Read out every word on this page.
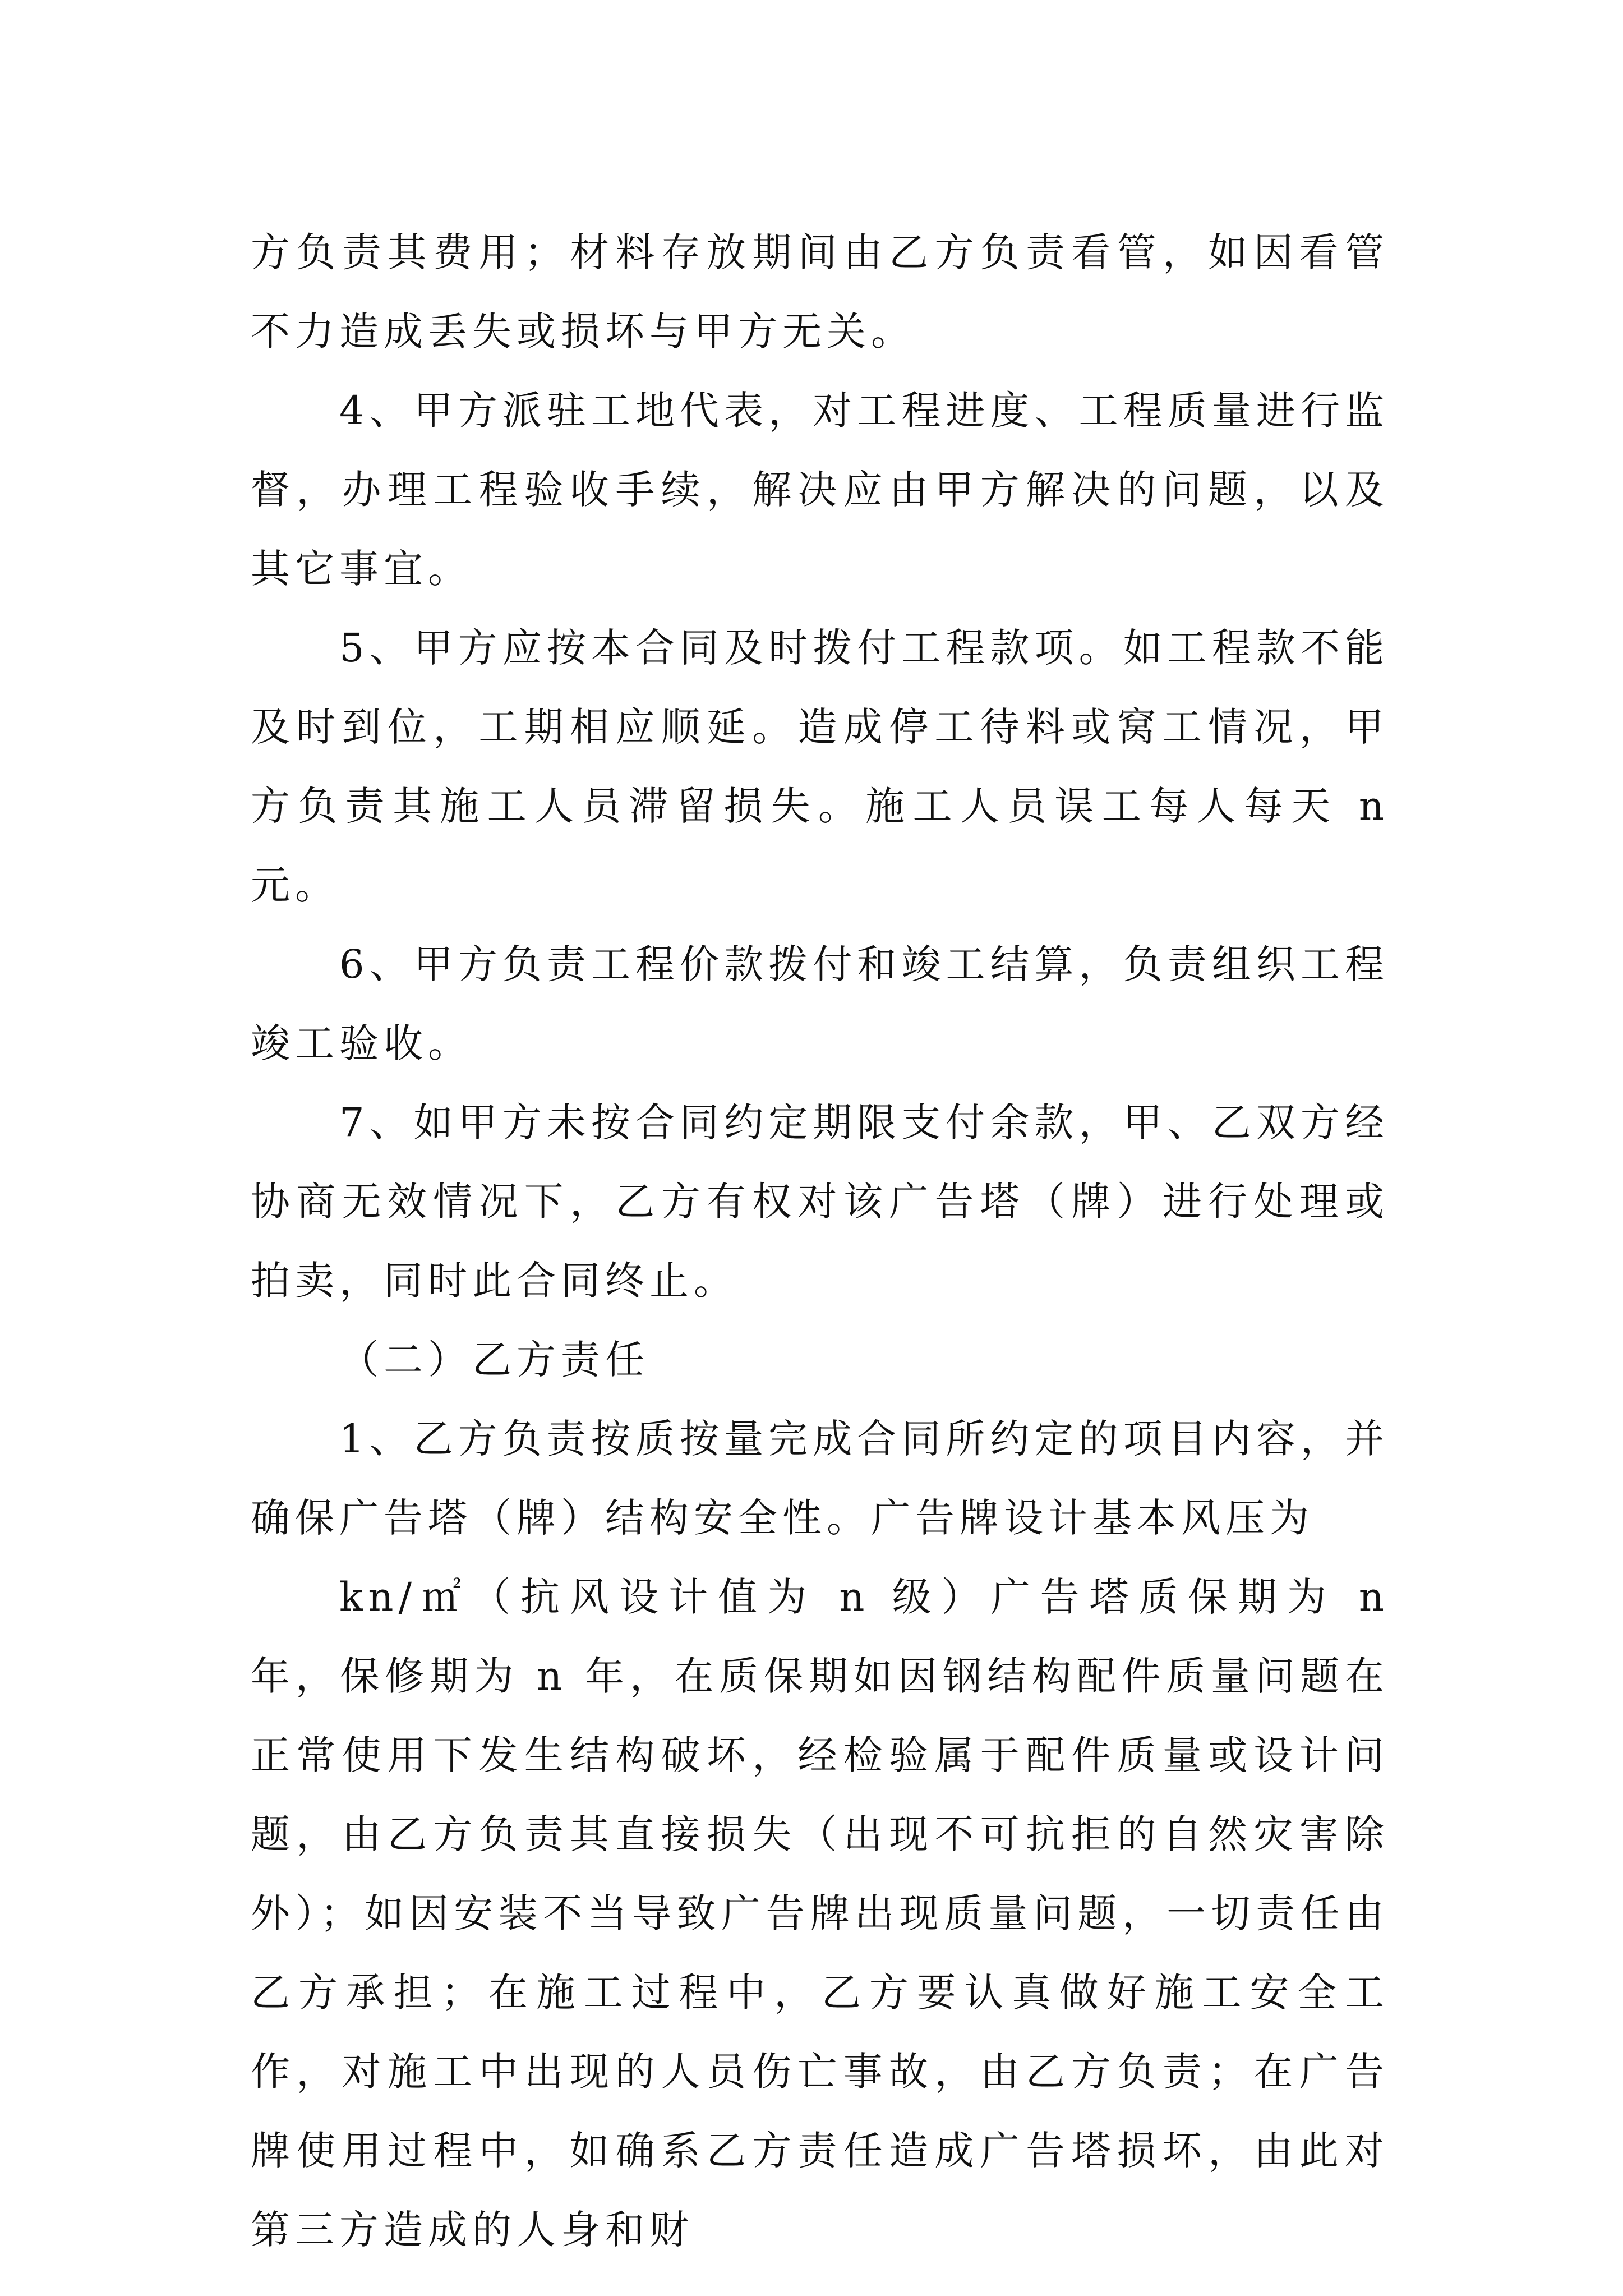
方负责其费用；材料存放期间由乙方负责看管，如因看管不力造成丢失或损坏与甲方无关。

4、甲方派驻工地代表，对工程进度、工程质量进行监督，办理工程验收手续，解决应由甲方解决的问题，以及其它事宜。

5、甲方应按本合同及时拨付工程款项。如工程款不能及时到位，工期相应顺延。造成停工待料或窝工情况，甲方负责其施工人员滞留损失。施工人员误工每人每天 n 元。

6、甲方负责工程价款拨付和竣工结算，负责组织工程竣工验收。

7、如甲方未按合同约定期限支付余款，甲、乙双方经协商无效情况下，乙方有权对该广告塔（牌）进行处理或拍卖，同时此合同终止。

（二）乙方责任

1、乙方负责按质按量完成合同所约定的项目内容，并确保广告塔（牌）结构安全性。广告牌设计基本风压为

kn/㎡（抗风设计值为 n 级）广告塔质保期为 n 年，保修期为 n 年，在质保期如因钢结构配件质量问题在正常使用下发生结构破坏，经检验属于配件质量或设计问题，由乙方负责其直接损失（出现不可抗拒的自然灾害除外）；如因安装不当导致广告牌出现质量问题，一切责任由乙方承担；在施工过程中，乙方要认真做好施工安全工作，对施工中出现的人员伤亡事故，由乙方负责；在广告牌使用过程中，如确系乙方责任造成广告塔损坏，由此对第三方造成的人身和财
